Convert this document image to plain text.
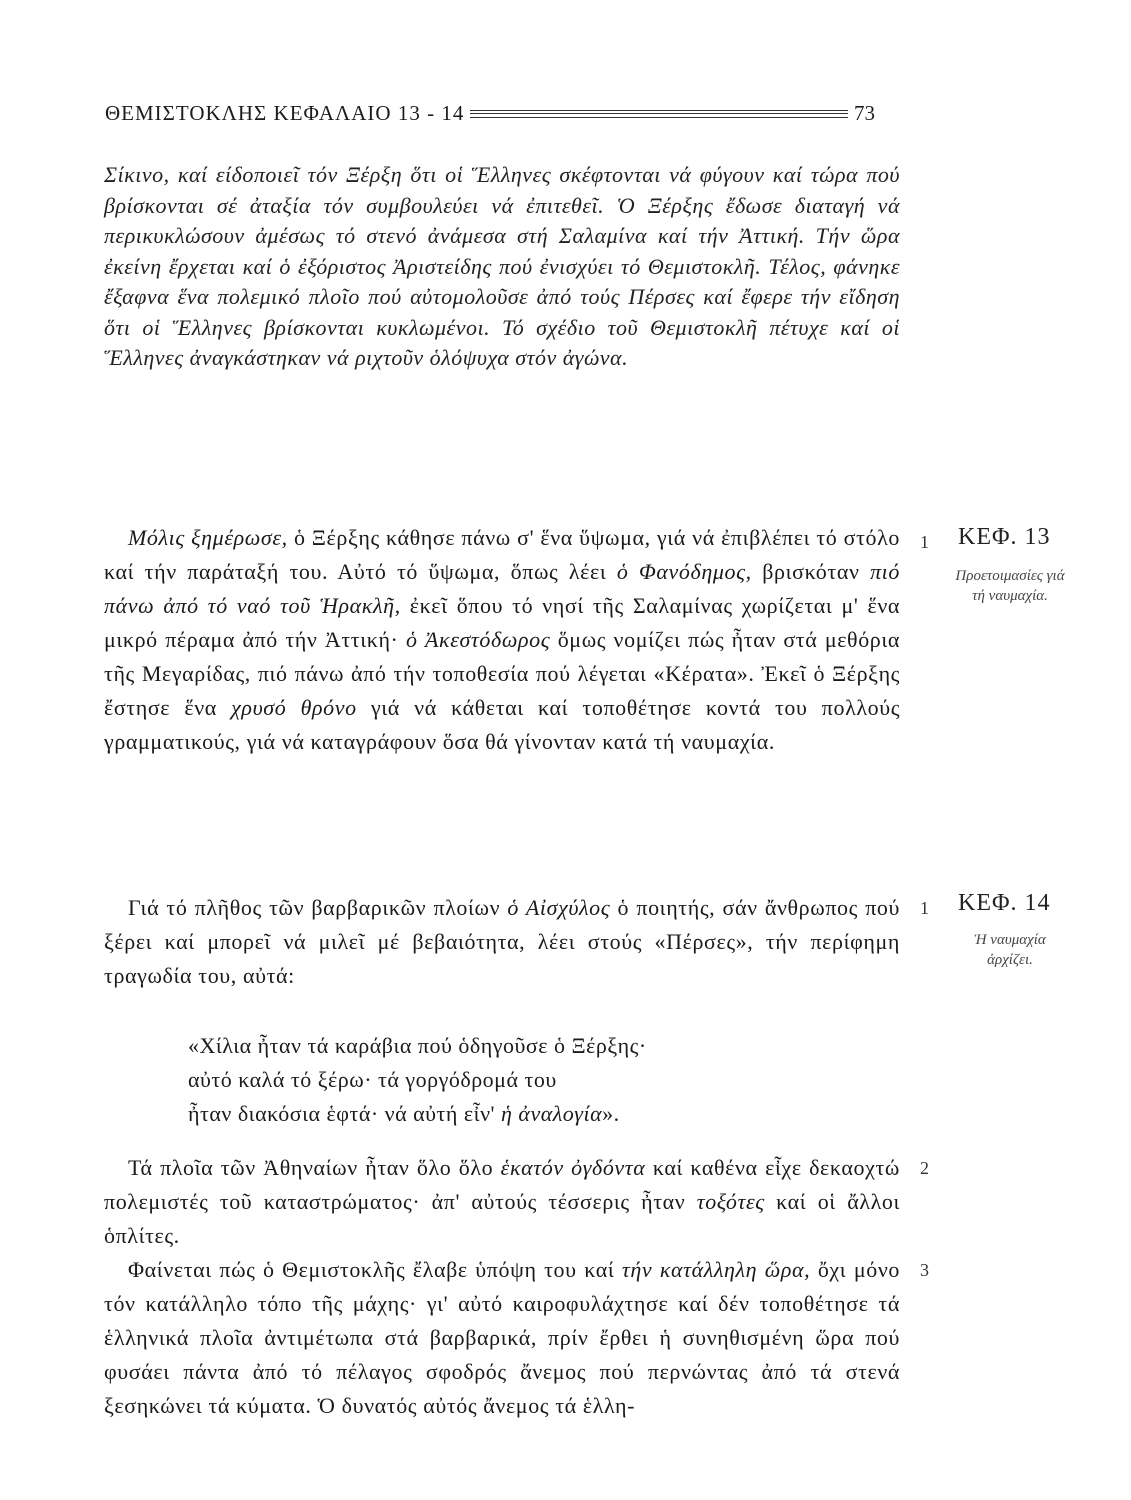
ΘΕΜΙΣΤΟΚΛΗΣ ΚΕΦΑΛΑΙΟ 13 - 14	73
Σίκινο, καί είδοποιεῖ τόν Ξέρξη ὅτι οἱ Ἕλληνες σκέφτονται νά φύγουν καί τώρα πού βρίσκονται σέ ἀταξία τόν συμβουλεύει νά ἐπιτεθεῖ. Ὁ Ξέρξης ἔδωσε διαταγή νά περικυκλώσουν ἀμέσως τό στενό ἀνάμεσα στή Σαλαμίνα καί τήν Ἀττική. Τήν ὥρα ἐκείνη ἔρχεται καί ὁ ἐξόριστος Ἀριστείδης πού ἐνισχύει τό Θεμιστοκλῆ. Τέλος, φάνηκε ἔξαφνα ἕνα πολεμικό πλοῖο πού αὐτομολοῦσε ἀπό τούς Πέρσες καί ἔφερε τήν εἴδηση ὅτι οἱ Ἕλληνες βρίσκονται κυκλωμένοι. Τό σχέδιο τοῦ Θεμιστοκλῆ πέτυχε καί οἱ Ἕλληνες ἀναγκάστηκαν νά ριχτοῦν ὁλόψυχα στόν ἀγώνα.
Μόλις ξημέρωσε, ὁ Ξέρξης κάθησε πάνω σ' ἕνα ὕψωμα, γιά νά ἐπιβλέπει τό στόλο καί τήν παράταξή του. Αὐτό τό ὕψωμα, ὅπως λέει ὁ Φανόδημος, βρισκόταν πιό πάνω ἀπό τό ναό τοῦ Ἡρακλῆ, ἐκεῖ ὅπου τό νησί τῆς Σαλαμίνας χωρίζεται μ' ἕνα μικρό πέραμα ἀπό τήν Ἀττική· ὁ Ἀκεστόδωρος ὅμως νομίζει πώς ἦταν στά μεθόρια τῆς Μεγαρίδας, πιό πάνω ἀπό τήν τοποθεσία πού λέγεται «Κέρατα». Ἐκεῖ ὁ Ξέρξης ἔστησε ἕνα χρυσό θρόνο γιά νά κάθεται καί τοποθέτησε κοντά του πολλούς γραμματικούς, γιά νά καταγράφουν ὅσα θά γίνονταν κατά τή ναυμαχία.
Γιά τό πλῆθος τῶν βαρβαρικῶν πλοίων ὁ Αἰσχύλος ὁ ποιητής, σάν ἄνθρωπος πού ξέρει καί μπορεῖ νά μιλεῖ μέ βεβαιότητα, λέει στούς «Πέρσες», τήν περίφημη τραγωδία του, αὐτά:
«Χίλια ἦταν τά καράβια πού ὁδηγοῦσε ὁ Ξέρξης·
αὐτό καλά τό ξέρω· τά γοργόδρομά του
ἦταν διακόσια ἑφτά· νά αὐτή εἶν' ἡ ἀναλογία».
Τά πλοῖα τῶν Ἀθηναίων ἦταν ὅλο ὅλο ἑκατόν ὀγδόντα καί καθένα εἶχε δεκαοχτώ πολεμιστές τοῦ καταστρώματος· ἀπ' αὐτούς τέσσερις ἦταν τοξότες καί οἱ ἄλλοι ὁπλίτες.
Φαίνεται πώς ὁ Θεμιστοκλῆς ἔλαβε ὑπόψη του καί τήν κατάλληλη ὥρα, ὄχι μόνο τόν κατάλληλο τόπο τῆς μάχης· γι' αὐτό καιροφυλάχτησε καί δέν τοποθέτησε τά ἑλληνικά πλοῖα ἀντιμέτωπα στά βαρβαρικά, πρίν ἔρθει ἡ συνηθισμένη ὥρα πού φυσάει πάντα ἀπό τό πέλαγος σφοδρός ἄνεμος πού περνώντας ἀπό τά στενά ξεσηκώνει τά κύματα. Ὁ δυνατός αὐτός ἄνεμος τά ἑλλη-
1 ΚΕΦ. 13
Προετοιμασίες γιά τή ναυμαχία.
1 ΚΕΦ. 14
Ἡ ναυμαχία ἀρχίζει.
2
3
